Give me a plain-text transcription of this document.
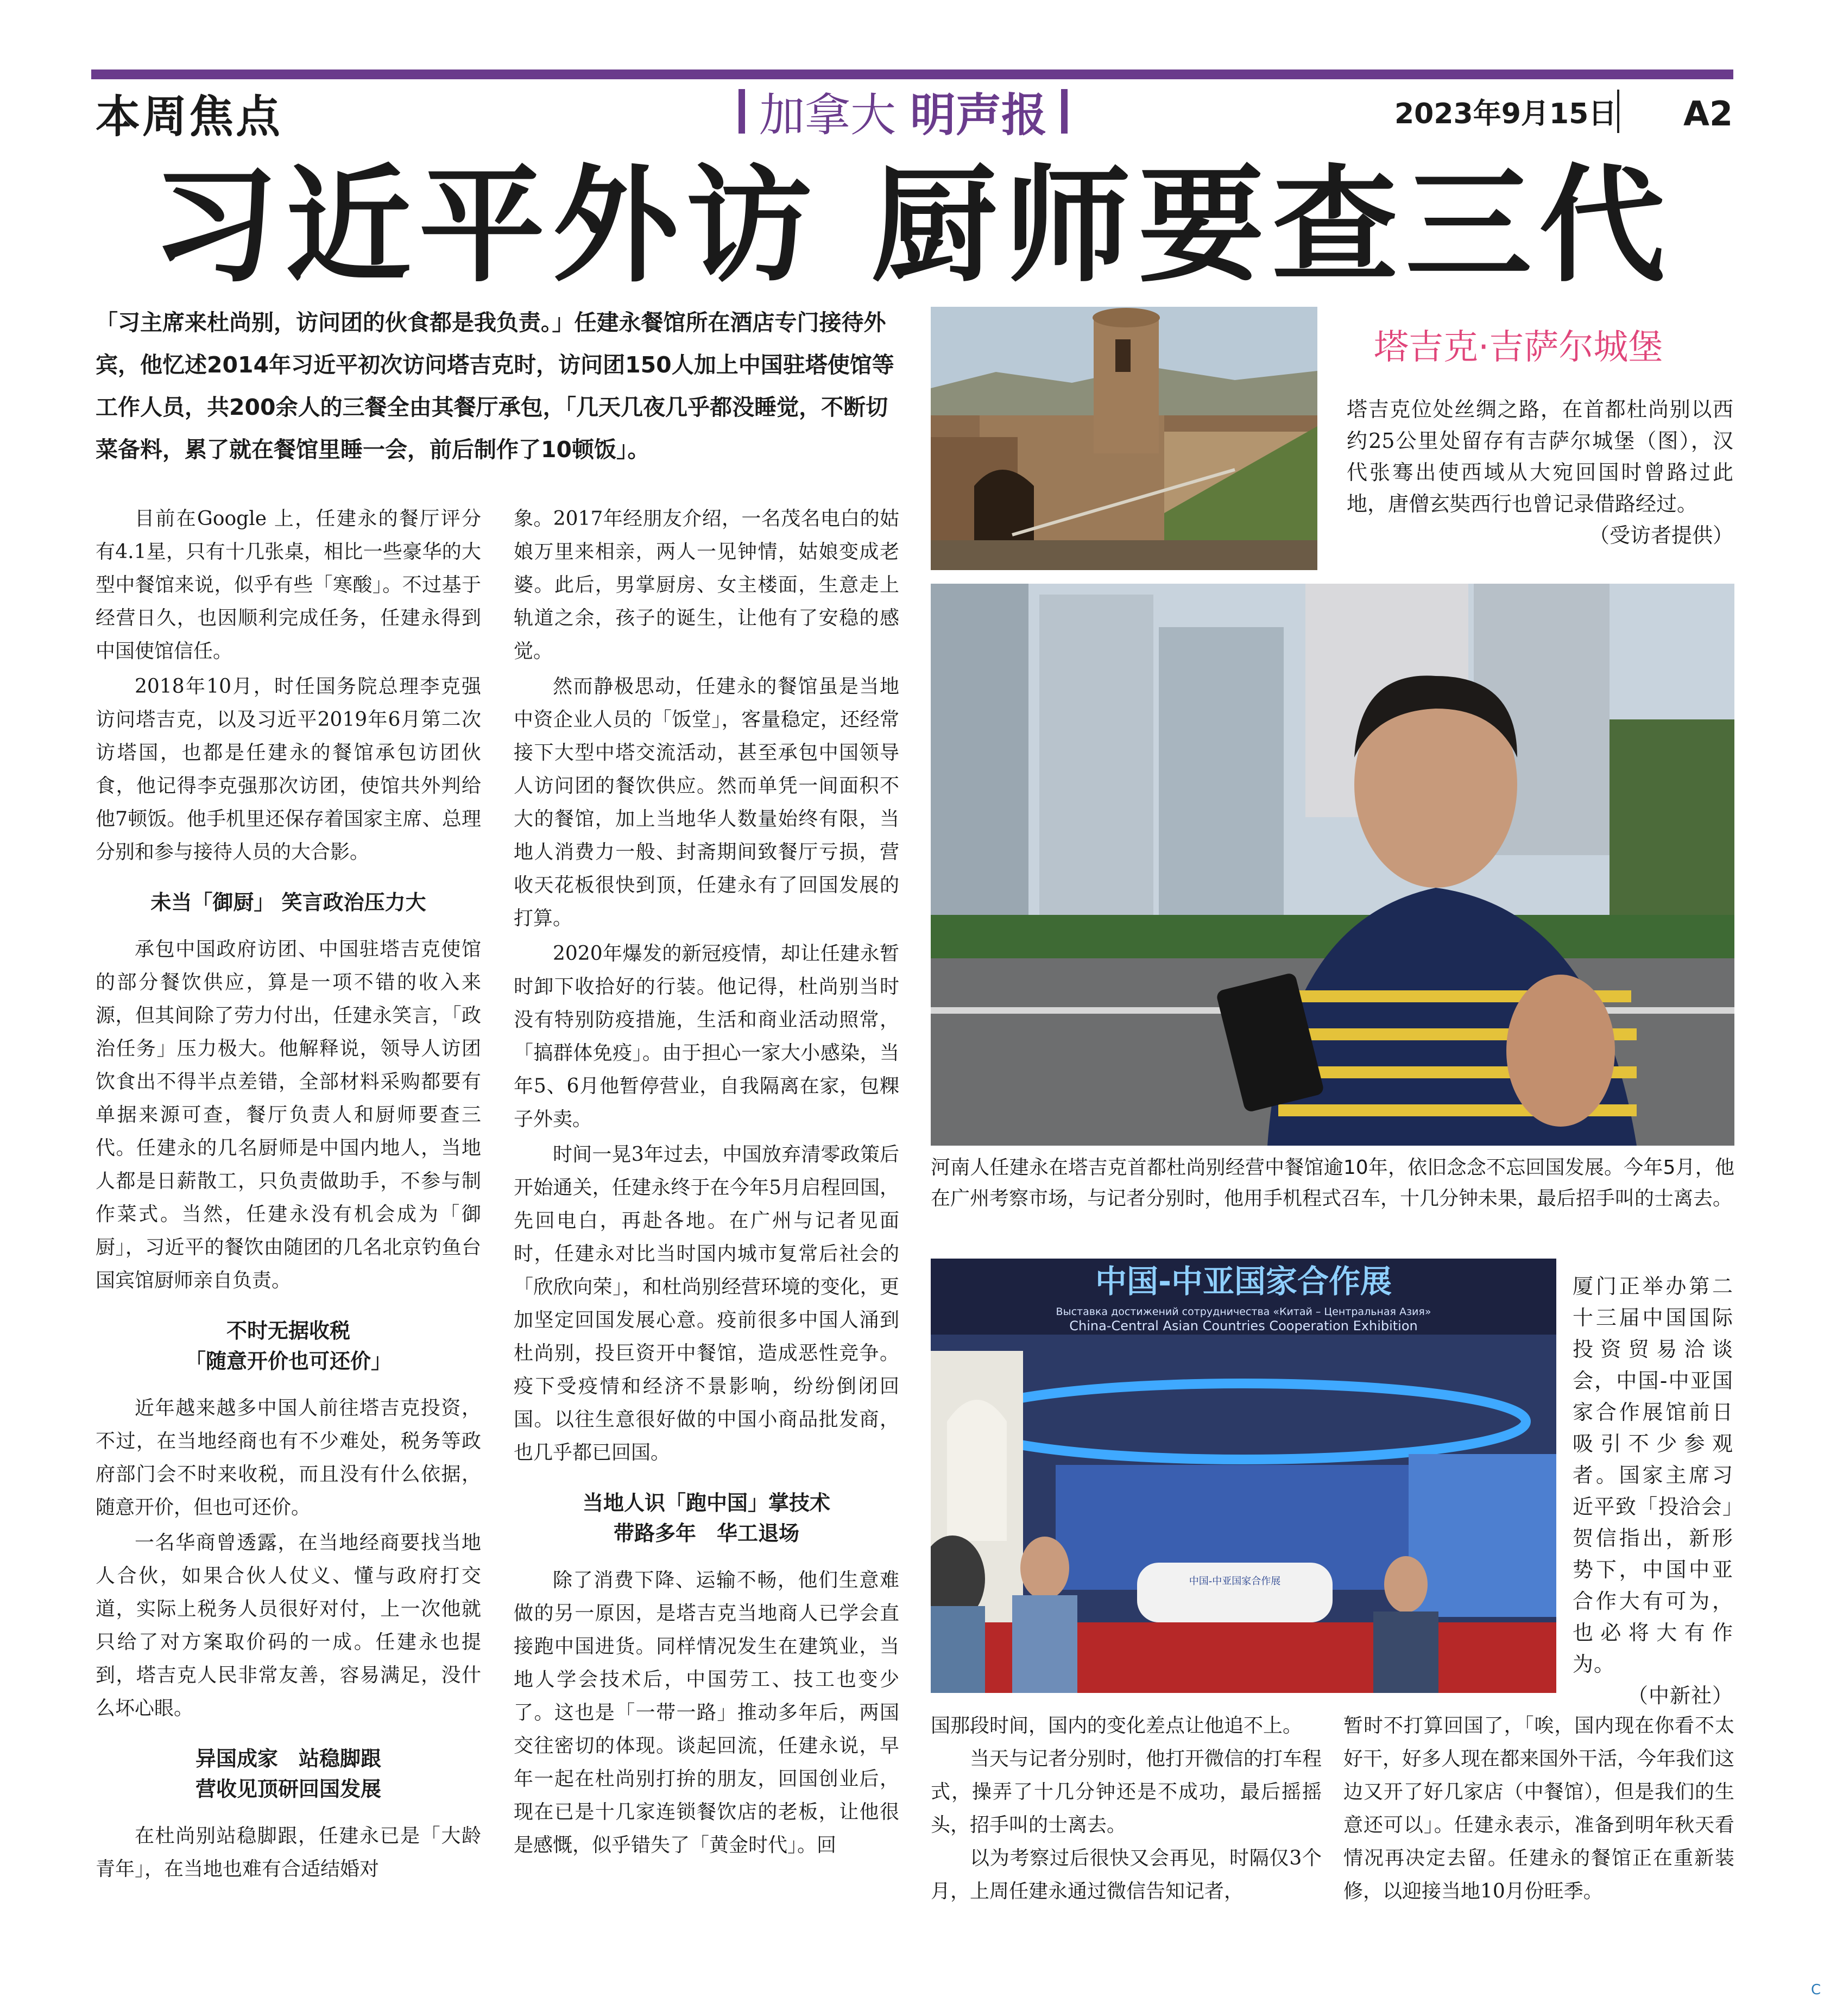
本周焦点	加拿大 明声报	2023年9月15日 A2
习近平外访 厨师要查三代

「习主席来杜尚别，访问团的伙食都是我负责。」任建永餐馆所在酒店专门接待外宾，他忆述2014年习近平初次访问塔吉克时，访问团150人加上中国驻塔使馆等工作人员，共200余人的三餐全由其餐厅承包，「几天几夜几乎都没睡觉，不断切菜备料，累了就在餐馆里睡一会，前后制作了10顿饭」。

目前在Google 上，任建永的餐厅评分有4.1星，只有十几张桌，相比一些豪华的大型中餐馆来说，似乎有些「寒酸」。不过基于经营日久，也因顺利完成任务，任建永得到中国使馆信任。

2018年10月，时任国务院总理李克强访问塔吉克，以及习近平2019年6月第二次访塔国，也都是任建永的餐馆承包访团伙食，他记得李克强那次访团，使馆共外判给他7顿饭。他手机里还保存着国家主席、总理分别和参与接待人员的大合影。

未当「御厨」 笑言政治压力大

承包中国政府访团、中国驻塔吉克使馆的部分餐饮供应，算是一项不错的收入来源，但其间除了劳力付出，任建永笑言，「政治任务」压力极大。他解释说，领导人访团饮食出不得半点差错，全部材料采购都要有单据来源可查，餐厅负责人和厨师要查三代。任建永的几名厨师是中国内地人，当地人都是日薪散工，只负责做助手，不参与制作菜式。当然，任建永没有机会成为「御厨」，习近平的餐饮由随团的几名北京钓鱼台国宾馆厨师亲自负责。

不时无据收税
「随意开价也可还价」

近年越来越多中国人前往塔吉克投资，不过，在当地经商也有不少难处，税务等政府部门会不时来收税，而且没有什么依据，随意开价，但也可还价。

一名华商曾透露，在当地经商要找当地人合伙，如果合伙人仗义、懂与政府打交道，实际上税务人员很好对付，上一次他就只给了对方案取价码的一成。任建永也提到，塔吉克人民非常友善，容易满足，没什么坏心眼。

异国成家　站稳脚跟
营收见顶研回国发展

在杜尚别站稳脚跟，任建永已是「大龄青年」，在当地也难有合适结婚对

象。2017年经朋友介绍，一名茂名电白的姑娘万里来相亲，两人一见钟情，姑娘变成老婆。此后，男掌厨房、女主楼面，生意走上轨道之余，孩子的诞生，让他有了安稳的感觉。

然而静极思动，任建永的餐馆虽是当地中资企业人员的「饭堂」，客量稳定，还经常接下大型中塔交流活动，甚至承包中国领导人访问团的餐饮供应。然而单凭一间面积不大的餐馆，加上当地华人数量始终有限，当地人消费力一般、封斋期间致餐厅亏损，营收天花板很快到顶，任建永有了回国发展的打算。

2020年爆发的新冠疫情，却让任建永暂时卸下收拾好的行装。他记得，杜尚别当时没有特别防疫措施，生活和商业活动照常，「搞群体免疫」。由于担心一家大小感染，当年5、6月他暂停营业，自我隔离在家，包粿子外卖。

时间一晃3年过去，中国放弃清零政策后开始通关，任建永终于在今年5月启程回国，先回电白，再赴各地。在广州与记者见面时，任建永对比当时国内城市复常后社会的「欣欣向荣」，和杜尚别经营环境的变化，更加坚定回国发展心意。疫前很多中国人涌到杜尚别，投巨资开中餐馆，造成恶性竞争。疫下受疫情和经济不景影响，纷纷倒闭回国。以往生意很好做的中国小商品批发商，也几乎都已回国。

当地人识「跑中国」掌技术
带路多年　华工退场

除了消费下降、运输不畅，他们生意难做的另一原因，是塔吉克当地商人已学会直接跑中国进货。同样情况发生在建筑业，当地人学会技术后，中国劳工、技工也变少了。这也是「一带一路」推动多年后，两国交往密切的体现。谈起回流，任建永说，早年一起在杜尚别打拚的朋友，回国创业后，现在已是十几家连锁餐饮店的老板，让他很是感慨，似乎错失了「黄金时代」。回

国那段时间，国内的变化差点让他追不上。

当天与记者分别时，他打开微信的打车程式，操弄了十几分钟还是不成功，最后摇摇头，招手叫的士离去。

以为考察过后很快又会再见，时隔仅3个月，上周任建永通过微信告知记者，

暂时不打算回国了，「唉，国内现在你看不太好干，好多人现在都来国外干活，今年我们这边又开了好几家店（中餐馆），但是我们的生意还可以」。任建永表示，准备到明年秋天看情况再决定去留。任建永的餐馆正在重新装修，以迎接当地10月份旺季。

塔吉克·吉萨尔城堡

塔吉克位处丝绸之路，在首都杜尚别以西约25公里处留存有吉萨尔城堡（图），汉代张骞出使西域从大宛回国时曾路过此地，唐僧玄奘西行也曾记录借路经过。
（受访者提供）

河南人任建永在塔吉克首都杜尚别经营中餐馆逾10年，依旧念念不忘回国发展。今年5月，他在广州考察市场，与记者分别时，他用手机程式召车，十几分钟未果，最后招手叫的士离去。

中国-中亚国家合作展
Выставка достижений сотрудничества «Китай – Центральная Азия»
China-Central Asian Countries Cooperation Exhibition
中国-中亚国家合作展

厦门正举办第二十三届中国国际投资贸易洽谈会，中国-中亚国家合作展馆前日吸引不少参观者。国家主席习近平致「投洽会」贺信指出，新形势下，中国中亚合作大有可为，也必将大有作为。
（中新社）

C
